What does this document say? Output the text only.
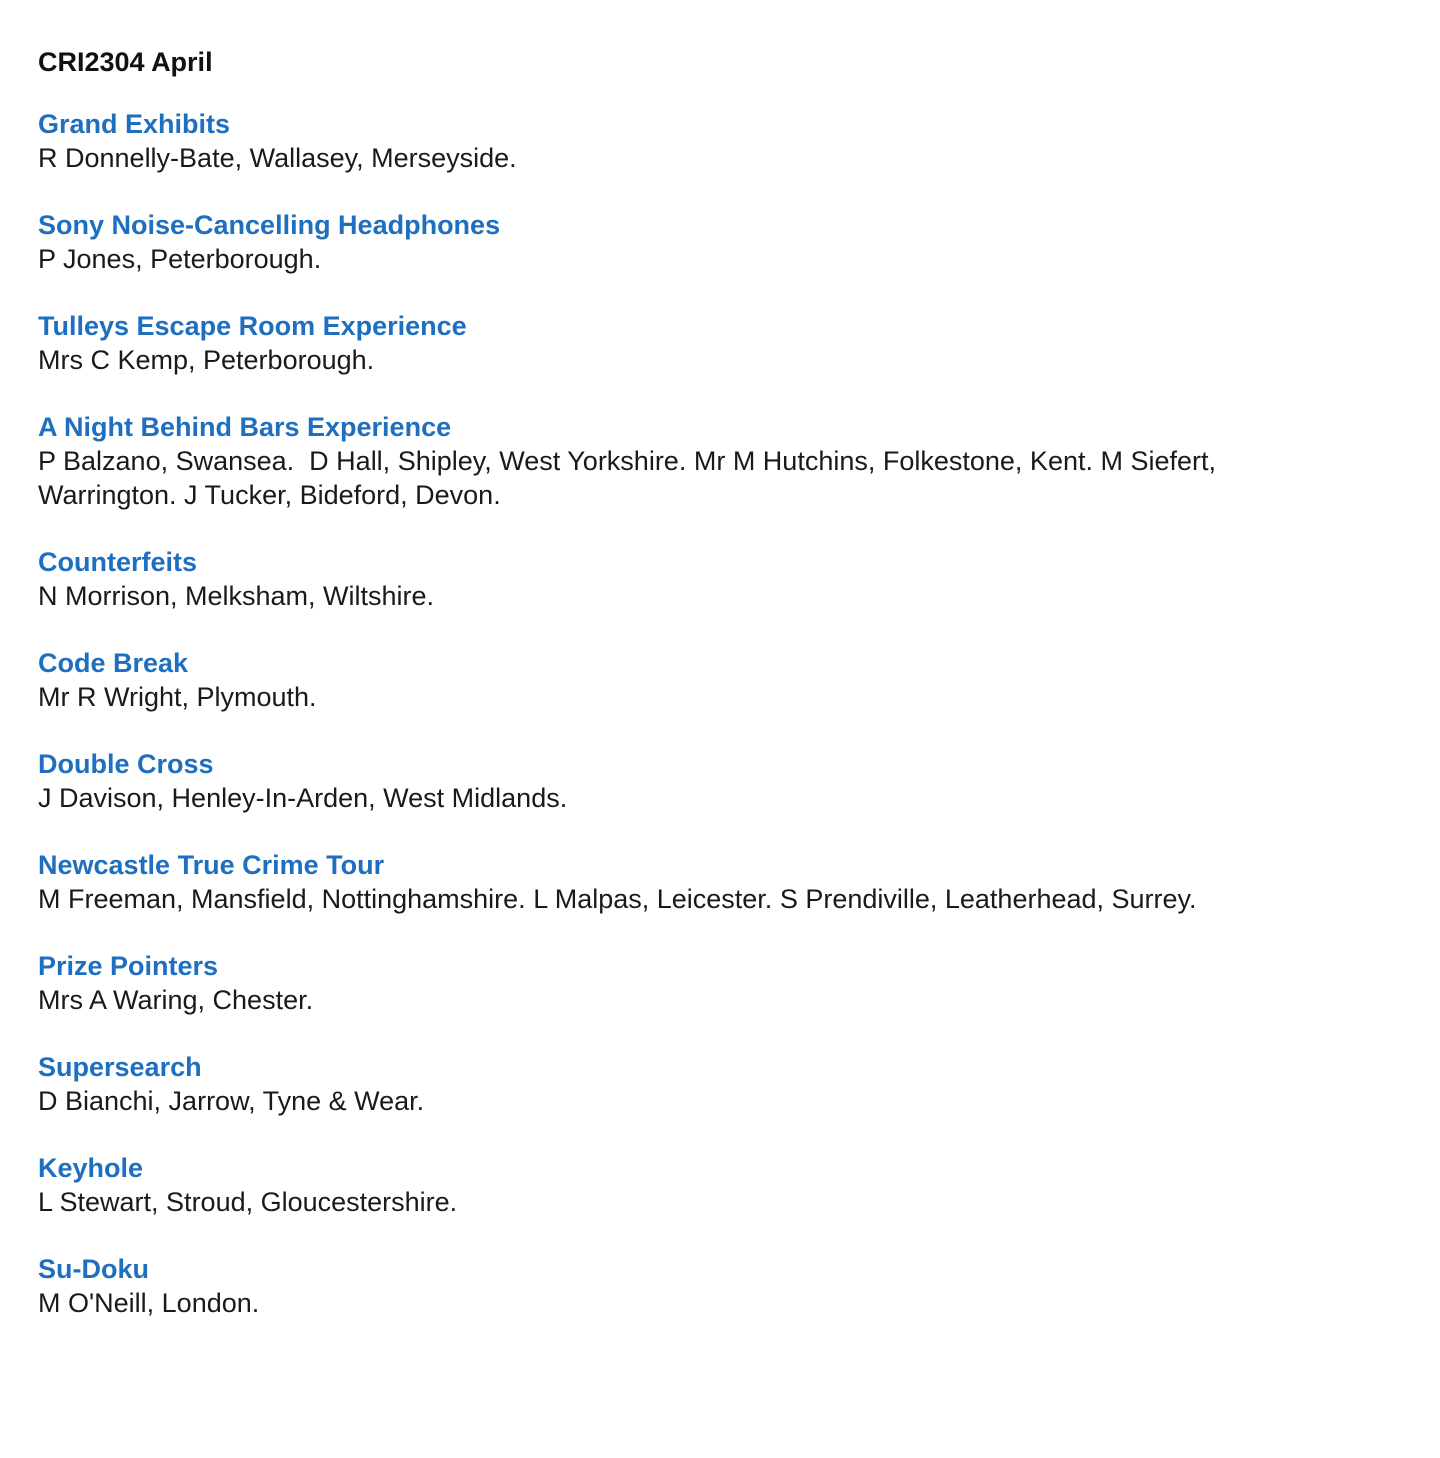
CRI2304 April

Grand Exhibits

R Donnelly-Bate, Wallasey, Merseyside.

Sony Noise-Cancelling Headphones

P Jones, Peterborough.

Tulleys Escape Room Experience

Mrs C Kemp, Peterborough.

A Night Behind Bars Experience

P Balzano, Swansea.  D Hall, Shipley, West Yorkshire. Mr M Hutchins, Folkestone, Kent. M Siefert, Warrington. J Tucker, Bideford, Devon.

Counterfeits

N Morrison, Melksham, Wiltshire.

Code Break

Mr R Wright, Plymouth.

Double Cross

J Davison, Henley-In-Arden, West Midlands.

Newcastle True Crime Tour

M Freeman, Mansfield, Nottinghamshire. L Malpas, Leicester. S Prendiville, Leatherhead, Surrey.

Prize Pointers

Mrs A Waring, Chester.

Supersearch

D Bianchi, Jarrow, Tyne & Wear.

Keyhole

L Stewart, Stroud, Gloucestershire.

Su-Doku

M O'Neill, London.
